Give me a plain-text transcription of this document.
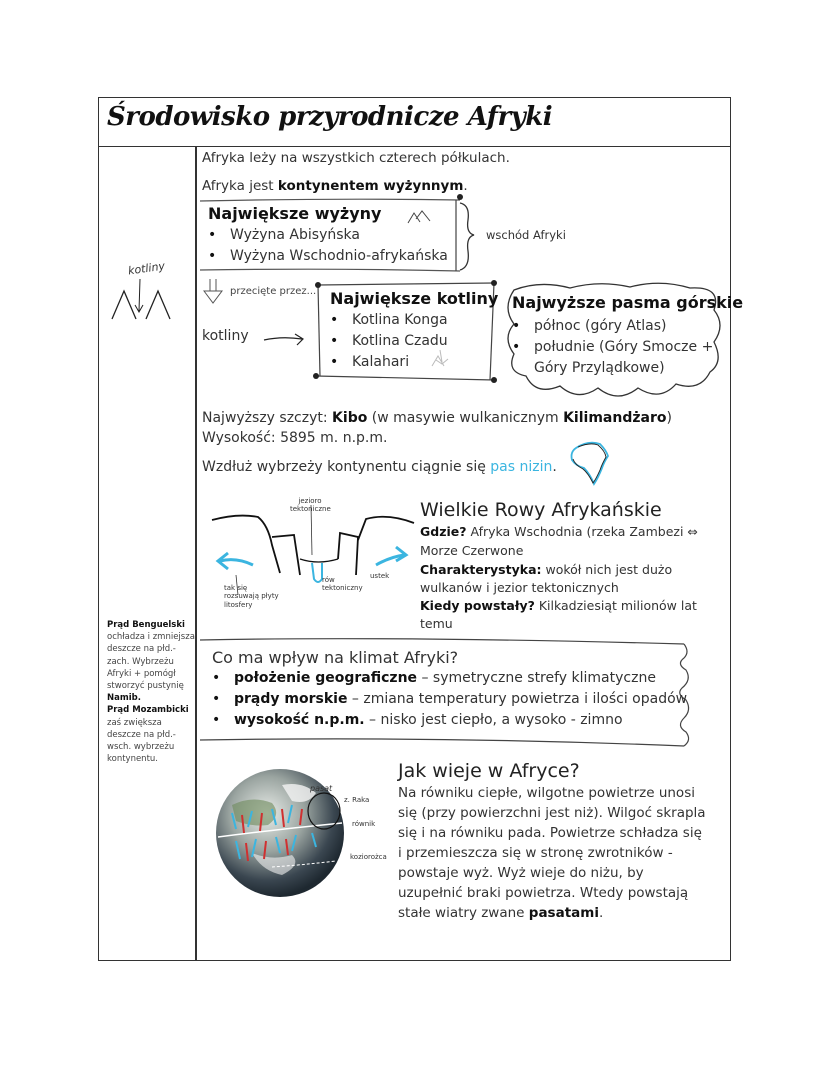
Środowisko przyrodnicze Afryki
Afryka leży na wszystkich czterech półkulach.
Afryka jest kontynentem wyżynnym.
Największe wyżyny
• Wyżyna Abisyńska
• Wyżyna Wschodnio-afrykańska
wschód Afryki
kotliny
przecięte przez...
kotliny
Największe kotliny
• Kotlina Konga
• Kotlina Czadu
• Kalahari
Najwyższe pasma górskie
• północ (góry Atlas)
• południe (Góry Smocze +
Góry Przylądkowe)
Najwyższy szczyt: Kibo (w masywie wulkanicznym Kilimandżaro)
Wysokość: 5895 m. n.p.m.
Wzdłuż wybrzeży kontynentu ciągnie się pas nizin.
jezioro tektoniczne
rów tektoniczny
ustek
tak się rozsuwają płyty litosfery
Wielkie Rowy Afrykańskie
Gdzie? Afryka Wschodnia (rzeka Zambezi ⇔
Morze Czerwone
Charakterystyka: wokół nich jest dużo
wulkanów i jezior tektonicznych
Kiedy powstały? Kilkadziesiąt milionów lat
temu
Prąd Benguelski
ochładza i zmniejsza deszcze na płd.-zach. Wybrzeżu Afryki + pomógł stworzyć pustynię Namib.
Prąd Mozambicki
zaś zwiększa deszcze na płd.-wsch. wybrzeżu kontynentu.
Co ma wpływ na klimat Afryki?
• położenie geograficzne – symetryczne strefy klimatyczne
• prądy morskie – zmiana temperatury powietrza i ilości opadów
• wysokość n.p.m. – nisko jest ciepło, a wysoko - zimno
pasat
z. Raka
równik
koziorożca
Jak wieje w Afryce?
Na równiku ciepłe, wilgotne powietrze unosi
się (przy powierzchni jest niż). Wilgoć skrapla
się i na równiku pada. Powietrze schładza się
i przemieszcza się w stronę zwrotników -
powstaje wyż. Wyż wieje do niżu, by
uzupełnić braki powietrza. Wtedy powstają
stałe wiatry zwane pasatami.
